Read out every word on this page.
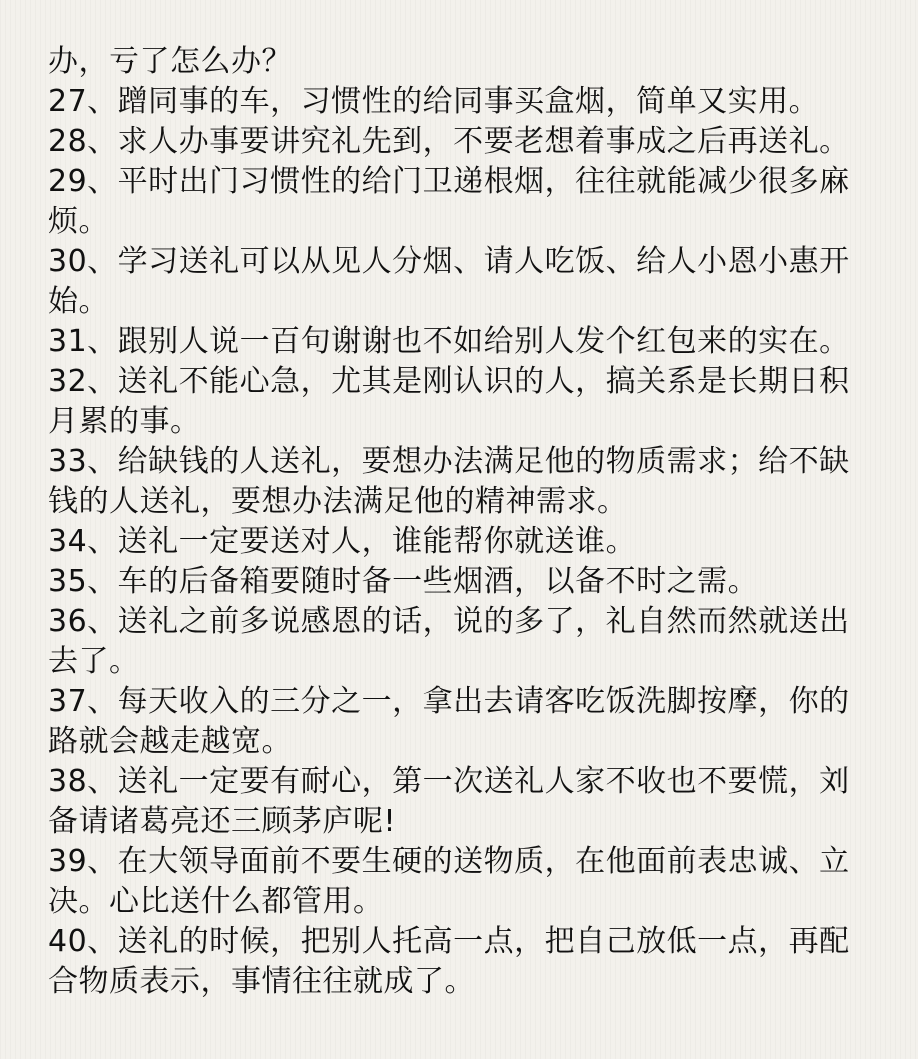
办，亏了怎么办？
27、蹭同事的车，习惯性的给同事买盒烟，简单又实用。
28、求人办事要讲究礼先到，不要老想着事成之后再送礼。
29、平时出门习惯性的给门卫递根烟，往往就能减少很多麻
烦。
30、学习送礼可以从见人分烟、请人吃饭、给人小恩小惠开
始。
31、跟别人说一百句谢谢也不如给别人发个红包来的实在。
32、送礼不能心急，尤其是刚认识的人，搞关系是长期日积
月累的事。
33、给缺钱的人送礼，要想办法满足他的物质需求；给不缺
钱的人送礼，要想办法满足他的精神需求。
34、送礼一定要送对人，谁能帮你就送谁。
35、车的后备箱要随时备一些烟酒，以备不时之需。
36、送礼之前多说感恩的话，说的多了，礼自然而然就送出
去了。
37、每天收入的三分之一，拿出去请客吃饭洗脚按摩，你的
路就会越走越宽。
38、送礼一定要有耐心，第一次送礼人家不收也不要慌，刘
备请诸葛亮还三顾茅庐呢!
39、在大领导面前不要生硬的送物质，在他面前表忠诚、立
决。心比送什么都管用。
40、送礼的时候，把别人托高一点，把自己放低一点，再配
合物质表示，事情往往就成了。
